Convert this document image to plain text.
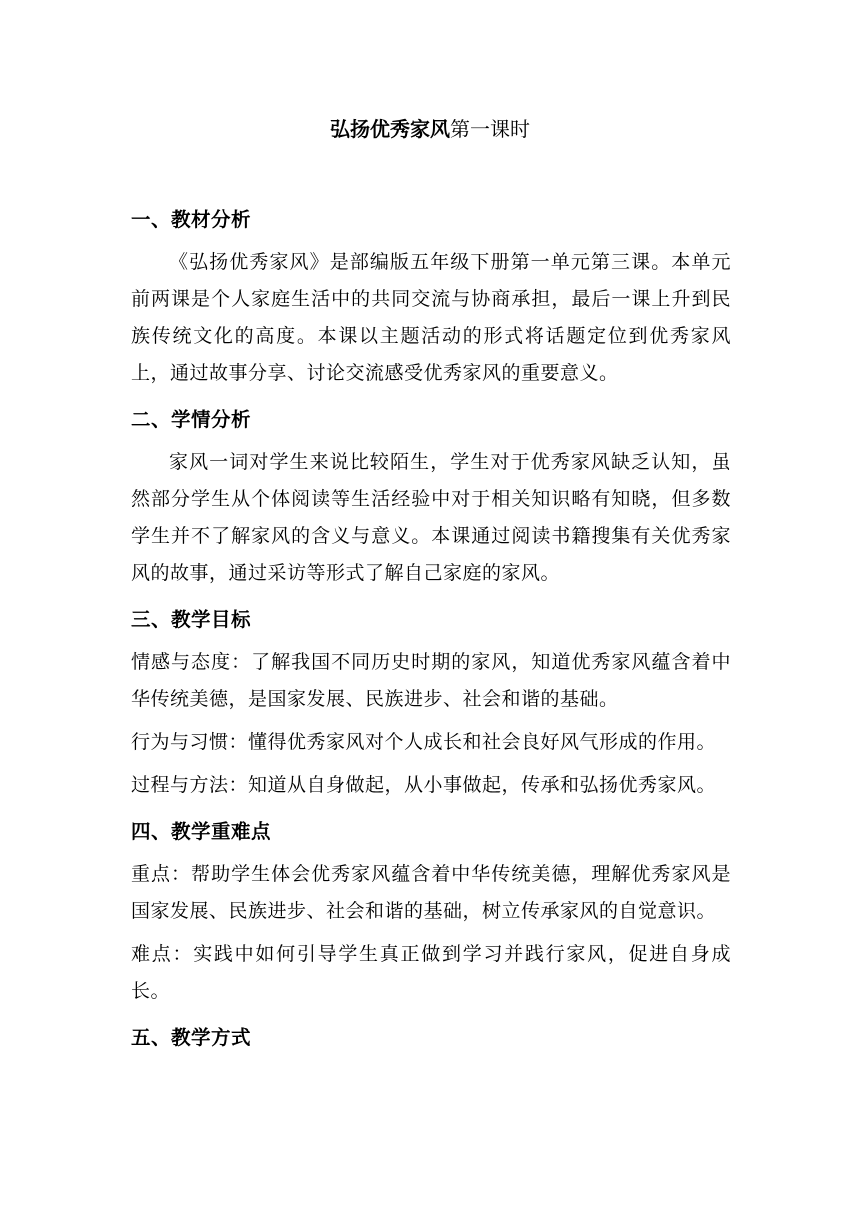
弘扬优秀家风第一课时

一、教材分析

《弘扬优秀家风》是部编版五年级下册第一单元第三课。本单元前两课是个人家庭生活中的共同交流与协商承担，最后一课上升到民族传统文化的高度。本课以主题活动的形式将话题定位到优秀家风上，通过故事分享、讨论交流感受优秀家风的重要意义。

二、学情分析

家风一词对学生来说比较陌生，学生对于优秀家风缺乏认知，虽然部分学生从个体阅读等生活经验中对于相关知识略有知晓，但多数学生并不了解家风的含义与意义。本课通过阅读书籍搜集有关优秀家风的故事，通过采访等形式了解自己家庭的家风。

三、教学目标

情感与态度：了解我国不同历史时期的家风，知道优秀家风蕴含着中华传统美德，是国家发展、民族进步、社会和谐的基础。

行为与习惯：懂得优秀家风对个人成长和社会良好风气形成的作用。

过程与方法：知道从自身做起，从小事做起，传承和弘扬优秀家风。

四、教学重难点

重点：帮助学生体会优秀家风蕴含着中华传统美德，理解优秀家风是国家发展、民族进步、社会和谐的基础，树立传承家风的自觉意识。

难点：实践中如何引导学生真正做到学习并践行家风，促进自身成长。

五、教学方式
